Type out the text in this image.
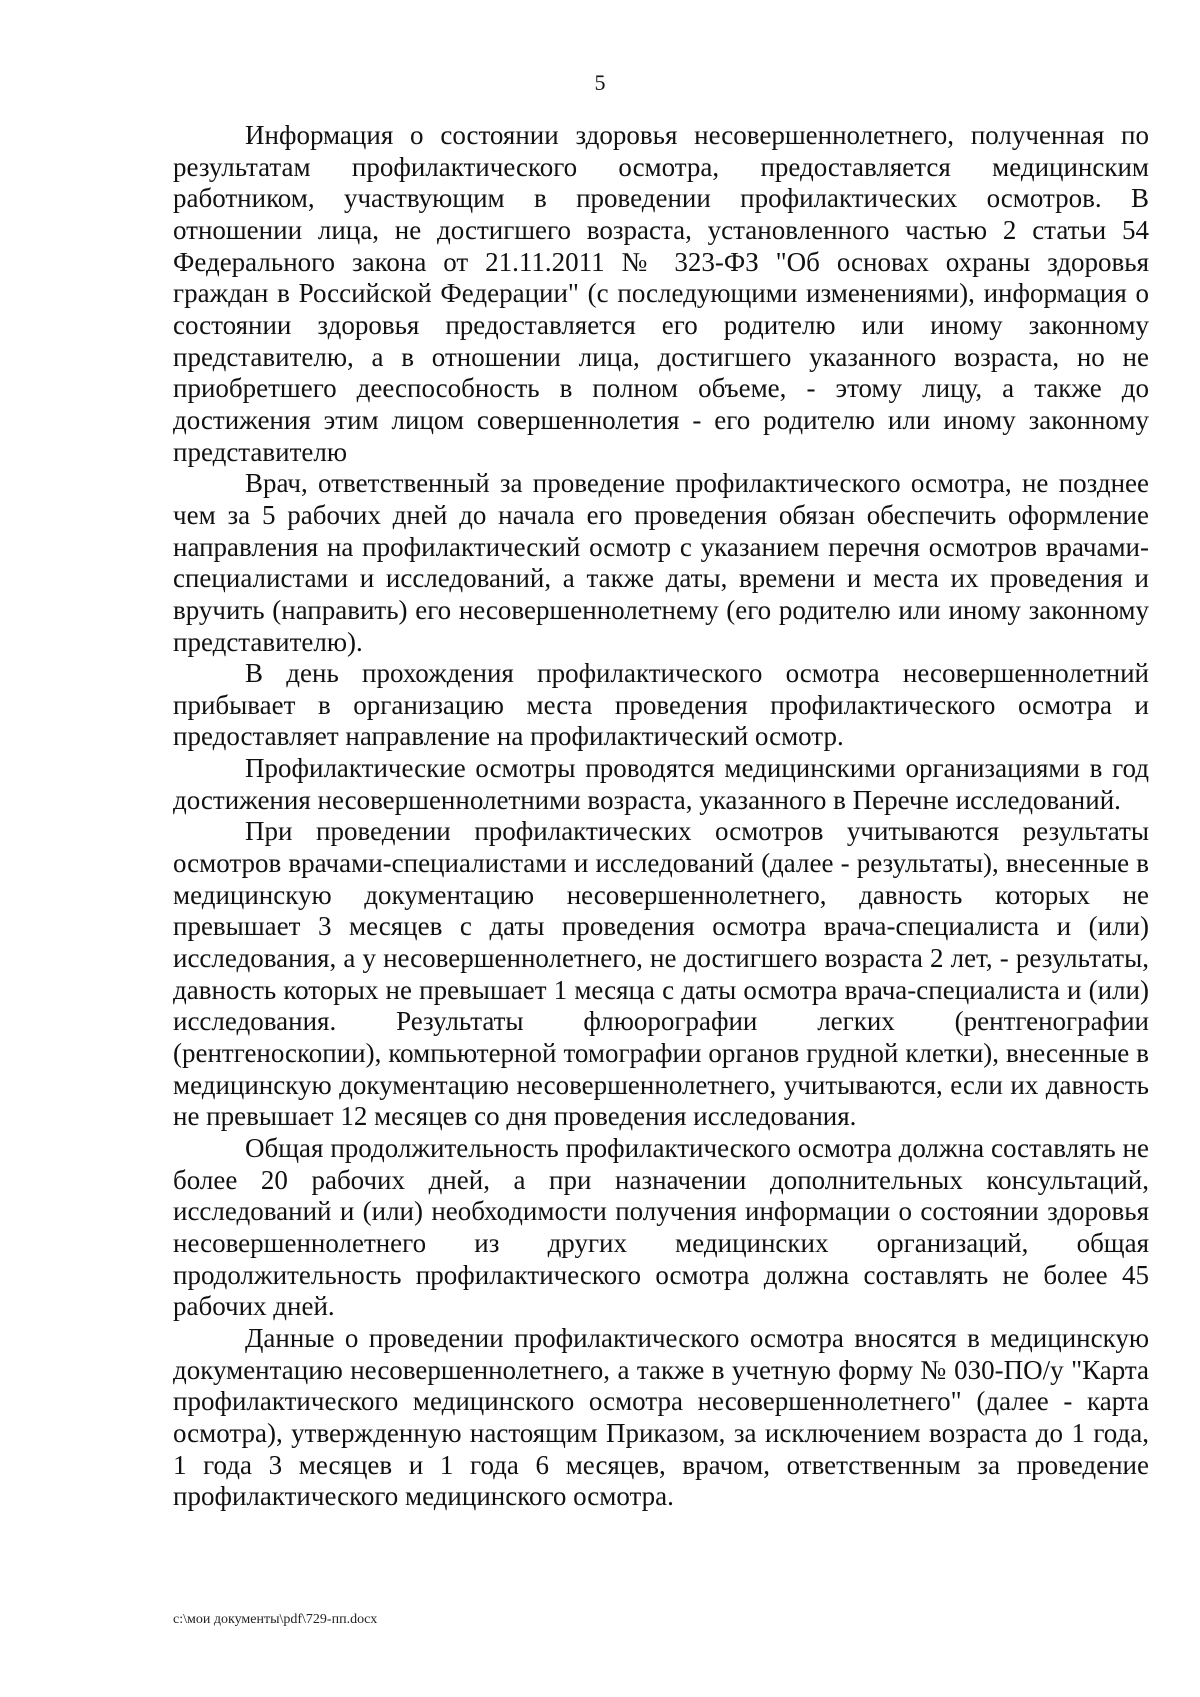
5

Информация о состоянии здоровья несовершеннолетнего, полученная по результатам профилактического осмотра, предоставляется медицинским работником, участвующим в проведении профилактических осмотров. В отношении лица, не достигшего возраста, установленного частью 2 статьи 54 Федерального закона от 21.11.2011 № 323-ФЗ "Об основах охраны здоровья граждан в Российской Федерации" (с последующими изменениями), информация о состоянии здоровья предоставляется его родителю или иному законному представителю, а в отношении лица, достигшего указанного возраста, но не приобретшего дееспособность в полном объеме, - этому лицу, а также до достижения этим лицом совершеннолетия - его родителю или иному законному представителю

Врач, ответственный за проведение профилактического осмотра, не позднее чем за 5 рабочих дней до начала его проведения обязан обеспечить оформление направления на профилактический осмотр с указанием перечня осмотров врачами-специалистами и исследований, а также даты, времени и места их проведения и вручить (направить) его несовершеннолетнему (его родителю или иному законному представителю).

В день прохождения профилактического осмотра несовершеннолетний прибывает в организацию места проведения профилактического осмотра и предоставляет направление на профилактический осмотр.

Профилактические осмотры проводятся медицинскими организациями в год достижения несовершеннолетними возраста, указанного в Перечне исследований.

При проведении профилактических осмотров учитываются результаты осмотров врачами-специалистами и исследований (далее - результаты), внесенные в медицинскую документацию несовершеннолетнего, давность которых не превышает 3 месяцев с даты проведения осмотра врача-специалиста и (или) исследования, а у несовершеннолетнего, не достигшего возраста 2 лет, - результаты, давность которых не превышает 1 месяца с даты осмотра врача-специалиста и (или) исследования. Результаты флюорографии легких (рентгенографии (рентгеноскопии), компьютерной томографии органов грудной клетки), внесенные в медицинскую документацию несовершеннолетнего, учитываются, если их давность не превышает 12 месяцев со дня проведения исследования.

Общая продолжительность профилактического осмотра должна составлять не более 20 рабочих дней, а при назначении дополнительных консультаций, исследований и (или) необходимости получения информации о состоянии здоровья несовершеннолетнего из других медицинских организаций, общая продолжительность профилактического осмотра должна составлять не более 45 рабочих дней.

Данные о проведении профилактического осмотра вносятся в медицинскую документацию несовершеннолетнего, а также в учетную форму № 030-ПО/у "Карта профилактического медицинского осмотра несовершеннолетнего" (далее - карта осмотра), утвержденную настоящим Приказом, за исключением возраста до 1 года, 1 года 3 месяцев и 1 года 6 месяцев, врачом, ответственным за проведение профилактического медицинского осмотра.

c:\мои документы\pdf\729-пп.docx
